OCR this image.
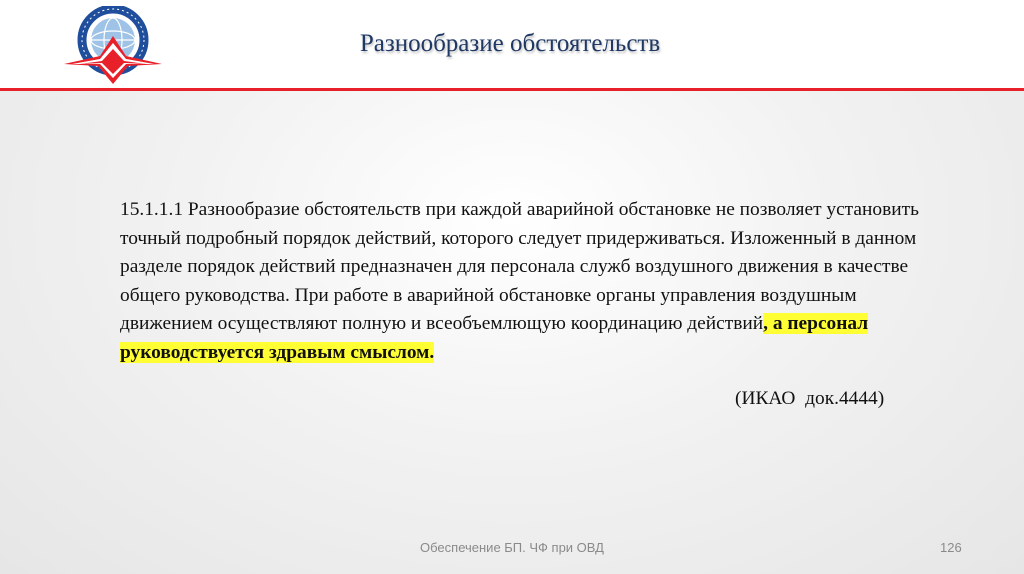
Разнообразие обстоятельств

15.1.1.1 Разнообразие обстоятельств при каждой аварийной обстановке не позволяет установить точный подробный порядок действий, которого следует придерживаться. Изложенный в данном разделе порядок действий предназначен для персонала служб воздушного движения в качестве общего руководства. При работе в аварийной обстановке органы управления воздушным движением осуществляют полную и всеобъемлющую координацию действий, а персонал руководствуется здравым смыслом.

(ИКАО  док.4444)
Обеспечение БП. ЧФ при ОВД	126
